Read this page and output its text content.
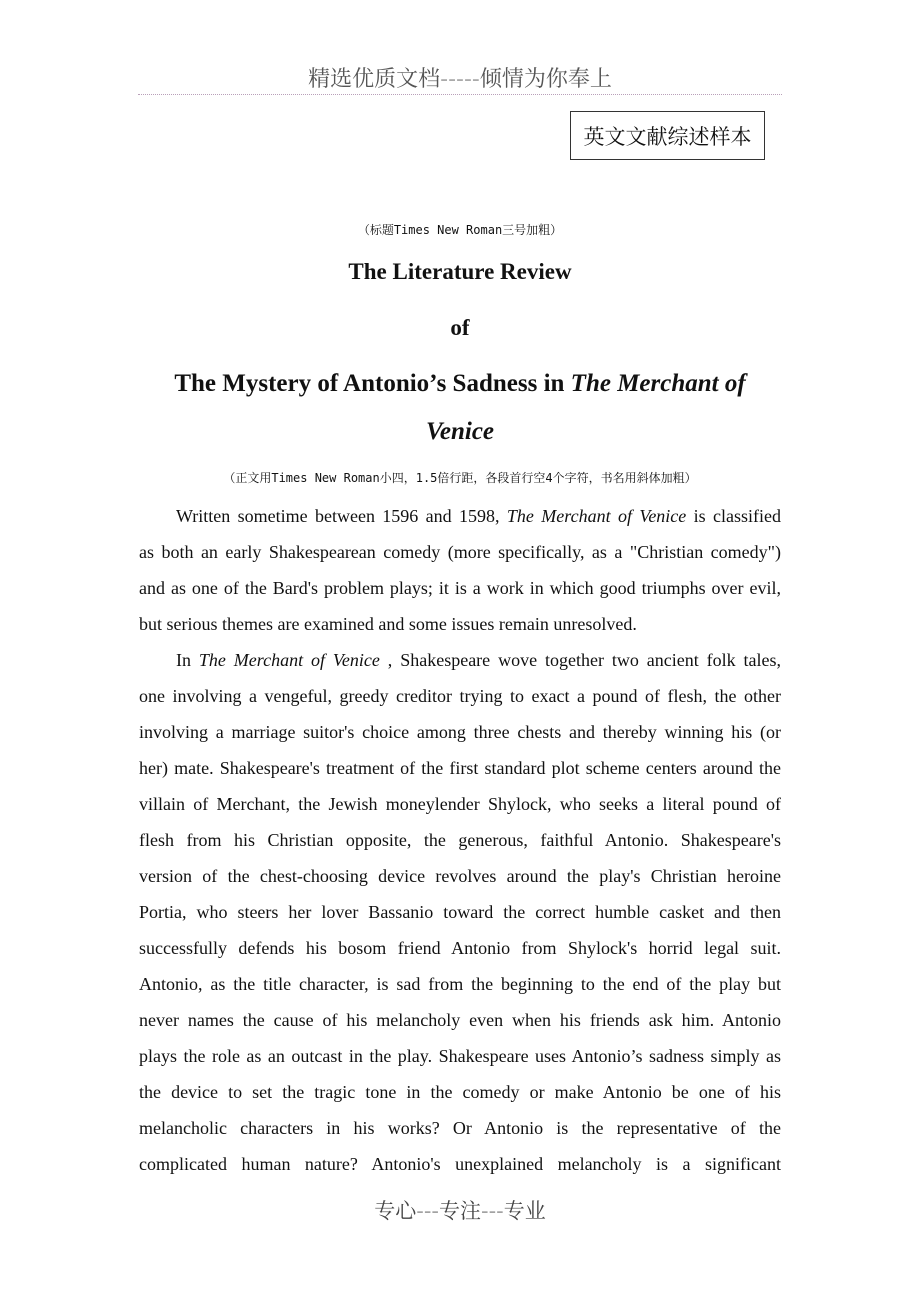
精选优质文档-----倾情为你奉上
英文文献综述样本
（标题Times New Roman三号加粗）
The Literature Review
of
The Mystery of Antonio’s Sadness in The Merchant of
Venice
（正文用Times New Roman小四，1.5倍行距，各段首行空4个字符，书名用斜体加粗）
Written sometime between 1596 and 1598, The Merchant of Venice is classified
as both an early Shakespearean comedy (more specifically, as a "Christian comedy")
and as one of the Bard's problem plays; it is a work in which good triumphs over evil,
but serious themes are examined and some issues remain unresolved.
In The Merchant of Venice , Shakespeare wove together two ancient folk tales,
one involving a vengeful, greedy creditor trying to exact a pound of flesh, the other
involving a marriage suitor's choice among three chests and thereby winning his (or
her) mate. Shakespeare's treatment of the first standard plot scheme centers around the
villain of Merchant, the Jewish moneylender Shylock, who seeks a literal pound of
flesh from his Christian opposite, the generous, faithful Antonio. Shakespeare's
version of the chest-choosing device revolves around the play's Christian heroine
Portia, who steers her lover Bassanio toward the correct humble casket and then
successfully defends his bosom friend Antonio from Shylock's horrid legal suit.
Antonio, as the title character, is sad from the beginning to the end of the play but
never names the cause of his melancholy even when his friends ask him. Antonio
plays the role as an outcast in the play. Shakespeare uses Antonio’s sadness simply as
the device to set the tragic tone in the comedy or make Antonio be one of his
melancholic characters in his works? Or Antonio is the representative of the
complicated human nature? Antonio's unexplained melancholy is a significant
专心---专注---专业
